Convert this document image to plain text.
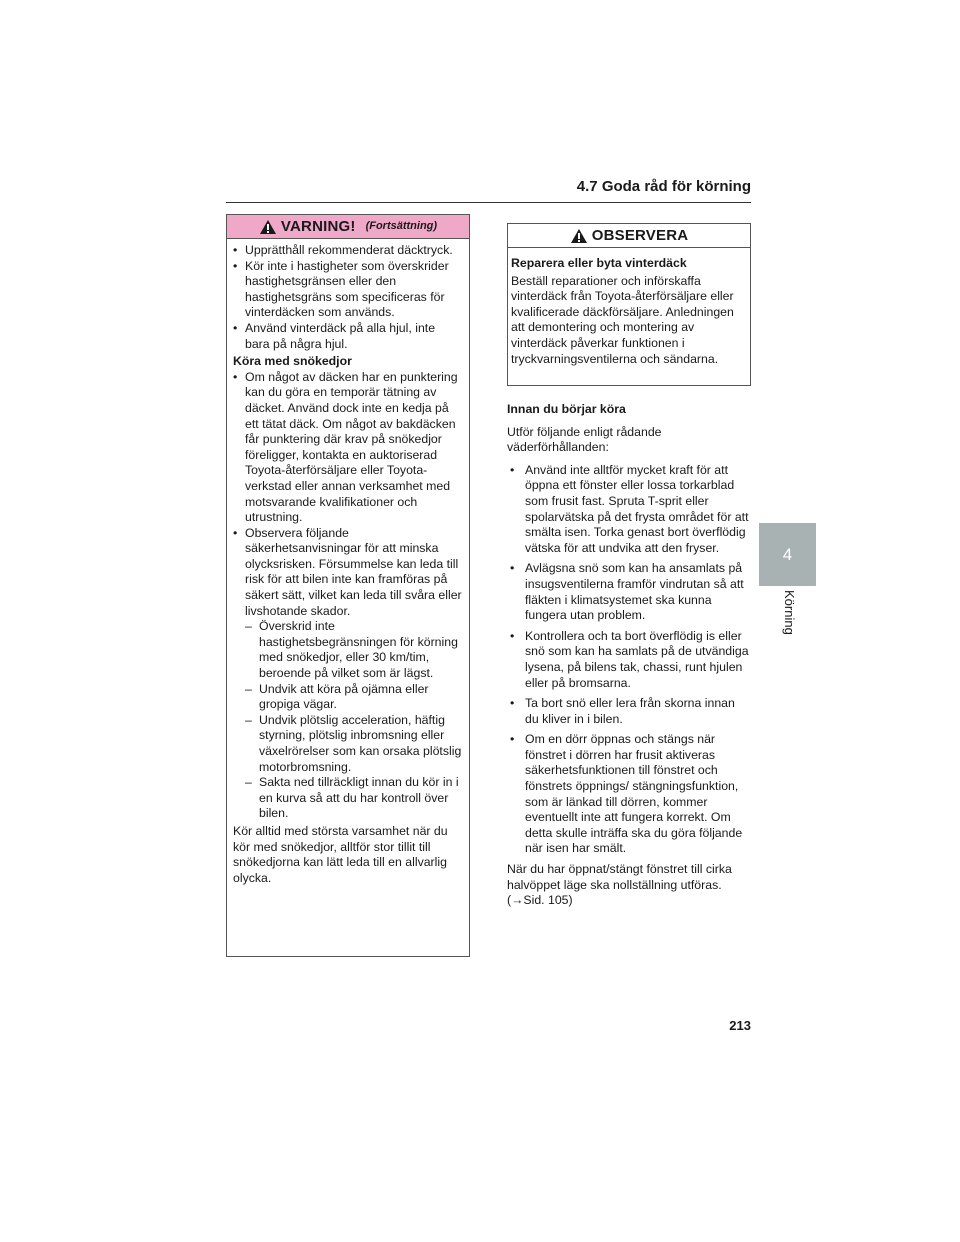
4.7 Goda råd för körning
4
Körning
VARNING! (Fortsättning)
• Upprätthåll rekommenderat däcktryck.
• Kör inte i hastigheter som överskrider hastighetsgränsen eller den hastighetsgräns som specificeras för vinterdäcken som används.
• Använd vinterdäck på alla hjul, inte bara på några hjul.
Köra med snökedjor
• Om något av däcken har en punktering kan du göra en temporär tätning av däcket. Använd dock inte en kedja på ett tätat däck. Om något av bakdäcken får punktering där krav på snökedjor föreligger, kontakta en auktoriserad Toyota-återförsäljare eller Toyota-verkstad eller annan verksamhet med motsvarande kvalifikationer och utrustning.
• Observera följande säkerhetsanvisningar för att minska olycksrisken. Försummelse kan leda till risk för att bilen inte kan framföras på säkert sätt, vilket kan leda till svåra eller livshotande skador.
– Överskrid inte hastighetsbegränsningen för körning med snökedjor, eller 30 km/tim, beroende på vilket som är lägst.
– Undvik att köra på ojämna eller gropiga vägar.
– Undvik plötslig acceleration, häftig styrning, plötslig inbromsning eller växelrörelser som kan orsaka plötslig motorbromsning.
– Sakta ned tillräckligt innan du kör in i en kurva så att du har kontroll över bilen.
Kör alltid med största varsamhet när du kör med snökedjor, alltför stor tillit till snökedjorna kan lätt leda till en allvarlig olycka.
OBSERVERA
Reparera eller byta vinterdäck
Beställ reparationer och införskaffa vinterdäck från Toyota-återförsäljare eller kvalificerade däckförsäljare. Anledningen att demontering och montering av vinterdäck påverkar funktionen i tryckvarningsventilerna och sändarna.
Innan du börjar köra
Utför följande enligt rådande väderförhållanden:
• Använd inte alltför mycket kraft för att öppna ett fönster eller lossa torkarblad som frusit fast. Spruta T-sprit eller spolarvätska på det frysta området för att smälta isen. Torka genast bort överflödig vätska för att undvika att den fryser.
• Avlägsna snö som kan ha ansamlats på insugsventilerna framför vindrutan så att fläkten i klimatsystemet ska kunna fungera utan problem.
• Kontrollera och ta bort överflödig is eller snö som kan ha samlats på de utvändiga lysena, på bilens tak, chassi, runt hjulen eller på bromsarna.
• Ta bort snö eller lera från skorna innan du kliver in i bilen.
• Om en dörr öppnas och stängs när fönstret i dörren har frusit aktiveras säkerhetsfunktionen till fönstret och fönstrets öppnings/ stängningsfunktion, som är länkad till dörren, kommer eventuellt inte att fungera korrekt. Om detta skulle inträffa ska du göra följande när isen har smält.
När du har öppnat/stängt fönstret till cirka halvöppet läge ska nollställning utföras. (→Sid. 105)
213
